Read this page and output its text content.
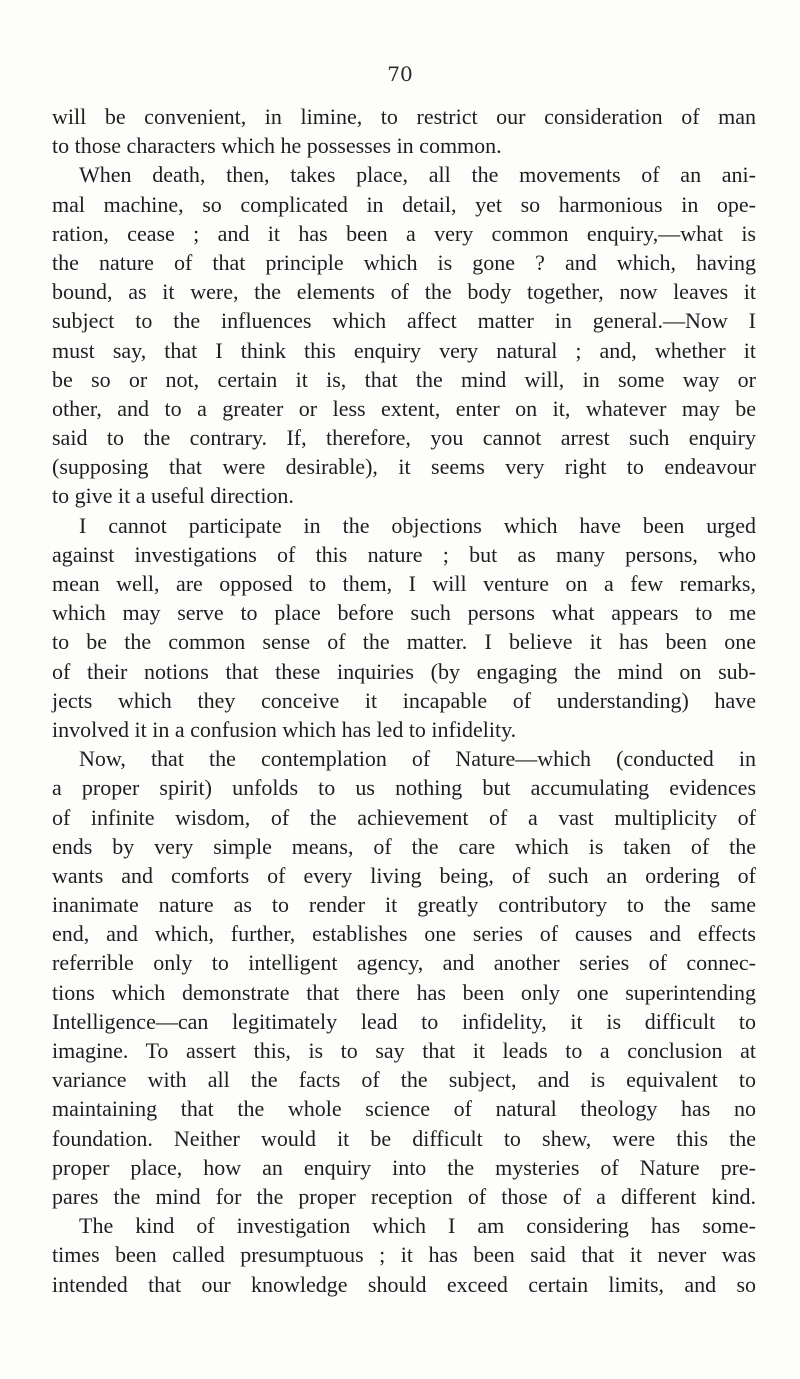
70
will be convenient, in limine, to restrict our consideration of man
to those characters which he possesses in common.
When death, then, takes place, all the movements of an ani-
mal machine, so complicated in detail, yet so harmonious in ope-
ration, cease ; and it has been a very common enquiry,—what is
the nature of that principle which is gone ? and which, having
bound, as it were, the elements of the body together, now leaves it
subject to the influences which affect matter in general.—Now I
must say, that I think this enquiry very natural ; and, whether it
be so or not, certain it is, that the mind will, in some way or
other, and to a greater or less extent, enter on it, whatever may be
said to the contrary. If, therefore, you cannot arrest such enquiry
(supposing that were desirable), it seems very right to endeavour
to give it a useful direction.
I cannot participate in the objections which have been urged
against investigations of this nature ; but as many persons, who
mean well, are opposed to them, I will venture on a few remarks,
which may serve to place before such persons what appears to me
to be the common sense of the matter. I believe it has been one
of their notions that these inquiries (by engaging the mind on sub-
jects which they conceive it incapable of understanding) have
involved it in a confusion which has led to infidelity.
Now, that the contemplation of Nature—which (conducted in
a proper spirit) unfolds to us nothing but accumulating evidences
of infinite wisdom, of the achievement of a vast multiplicity of
ends by very simple means, of the care which is taken of the
wants and comforts of every living being, of such an ordering of
inanimate nature as to render it greatly contributory to the same
end, and which, further, establishes one series of causes and effects
referrible only to intelligent agency, and another series of connec-
tions which demonstrate that there has been only one superintending
Intelligence—can legitimately lead to infidelity, it is difficult to
imagine. To assert this, is to say that it leads to a conclusion at
variance with all the facts of the subject, and is equivalent to
maintaining that the whole science of natural theology has no
foundation. Neither would it be difficult to shew, were this the
proper place, how an enquiry into the mysteries of Nature pre-
pares the mind for the proper reception of those of a different kind.
The kind of investigation which I am considering has some-
times been called presumptuous ; it has been said that it never was
intended that our knowledge should exceed certain limits, and so
